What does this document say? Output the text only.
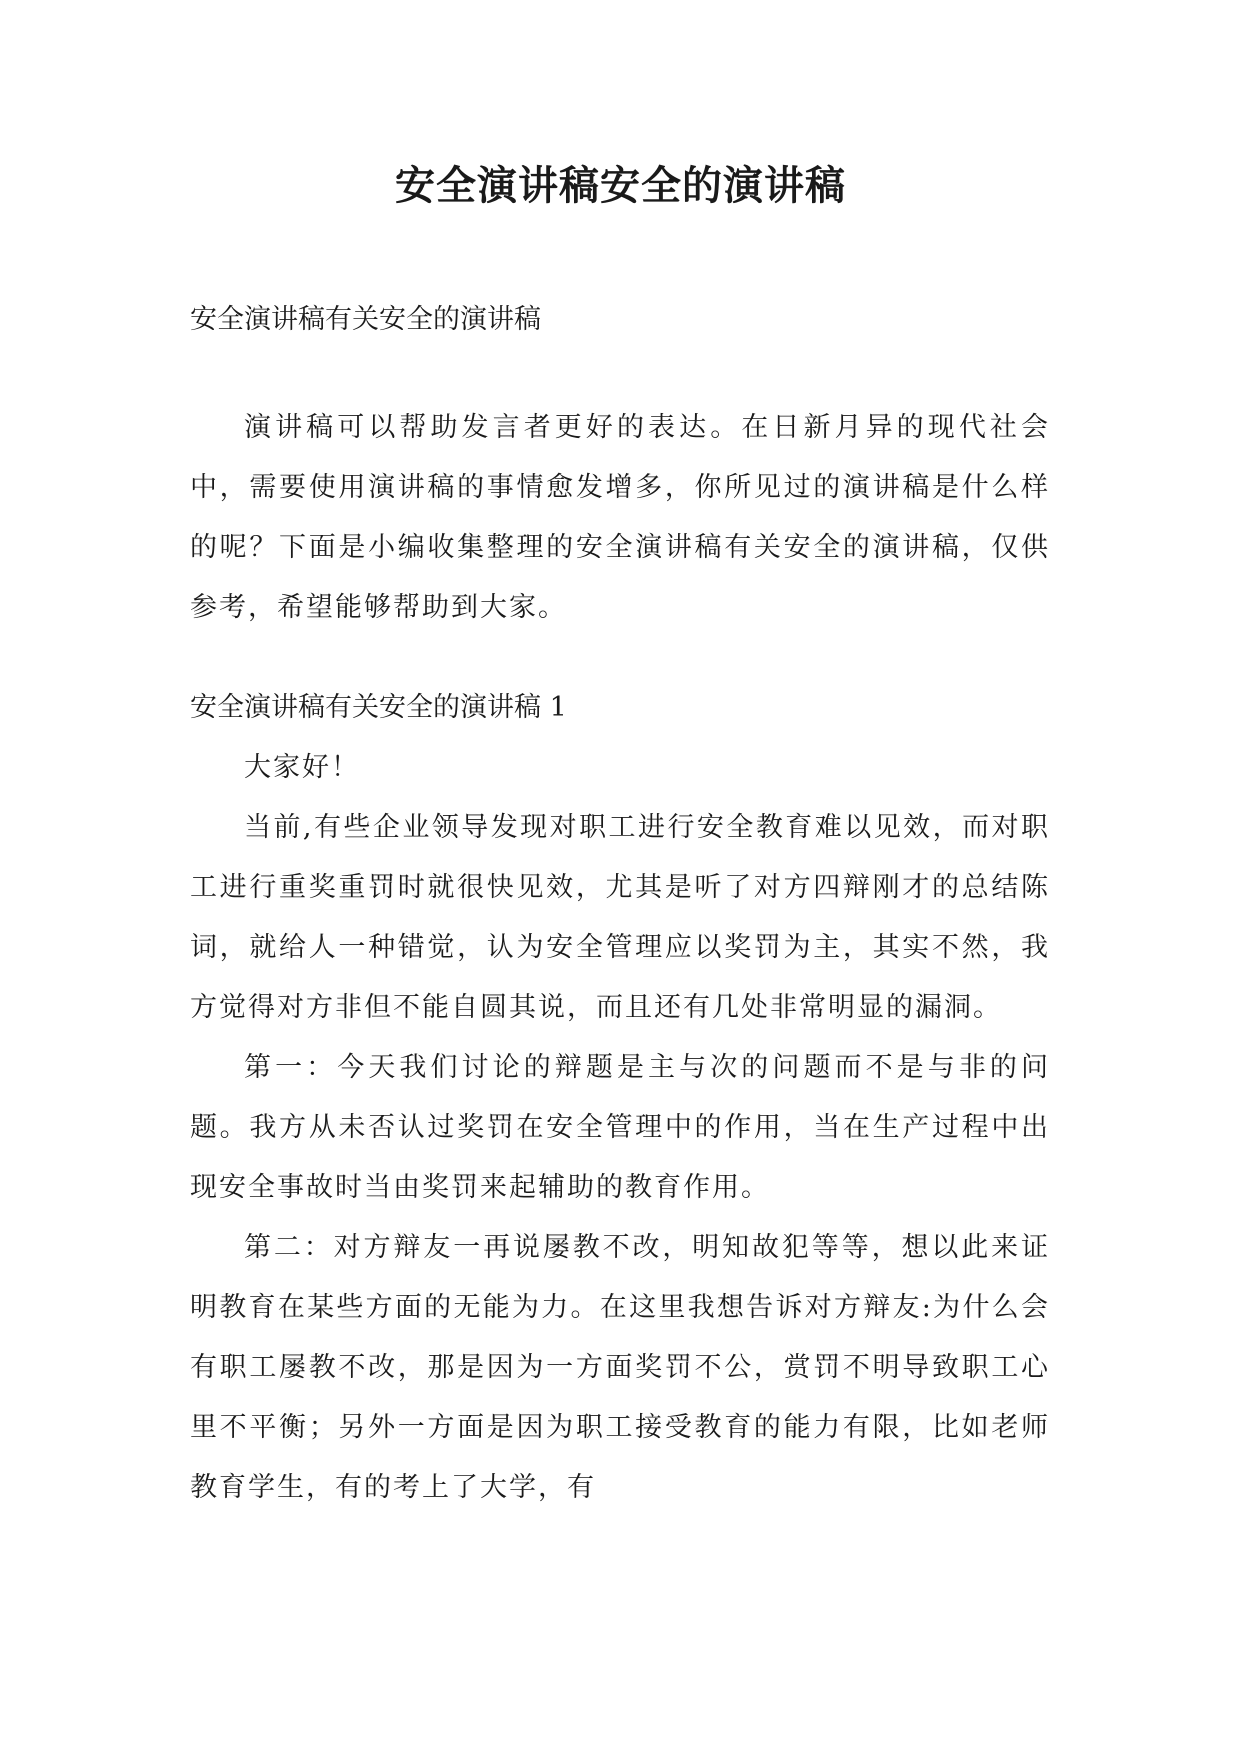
安全演讲稿安全的演讲稿

安全演讲稿有关安全的演讲稿

演讲稿可以帮助发言者更好的表达。在日新月异的现代社会中，需要使用演讲稿的事情愈发增多，你所见过的演讲稿是什么样的呢？下面是小编收集整理的安全演讲稿有关安全的演讲稿，仅供参考，希望能够帮助到大家。

安全演讲稿有关安全的演讲稿 1

大家好！

当前,有些企业领导发现对职工进行安全教育难以见效，而对职工进行重奖重罚时就很快见效，尤其是听了对方四辩刚才的总结陈词，就给人一种错觉，认为安全管理应以奖罚为主，其实不然，我方觉得对方非但不能自圆其说，而且还有几处非常明显的漏洞。

第一：今天我们讨论的辩题是主与次的问题而不是与非的问题。我方从未否认过奖罚在安全管理中的作用，当在生产过程中出现安全事故时当由奖罚来起辅助的教育作用。

第二：对方辩友一再说屡教不改，明知故犯等等，想以此来证明教育在某些方面的无能为力。在这里我想告诉对方辩友:为什么会有职工屡教不改，那是因为一方面奖罚不公，赏罚不明导致职工心里不平衡；另外一方面是因为职工接受教育的能力有限，比如老师教育学生，有的考上了大学，有
